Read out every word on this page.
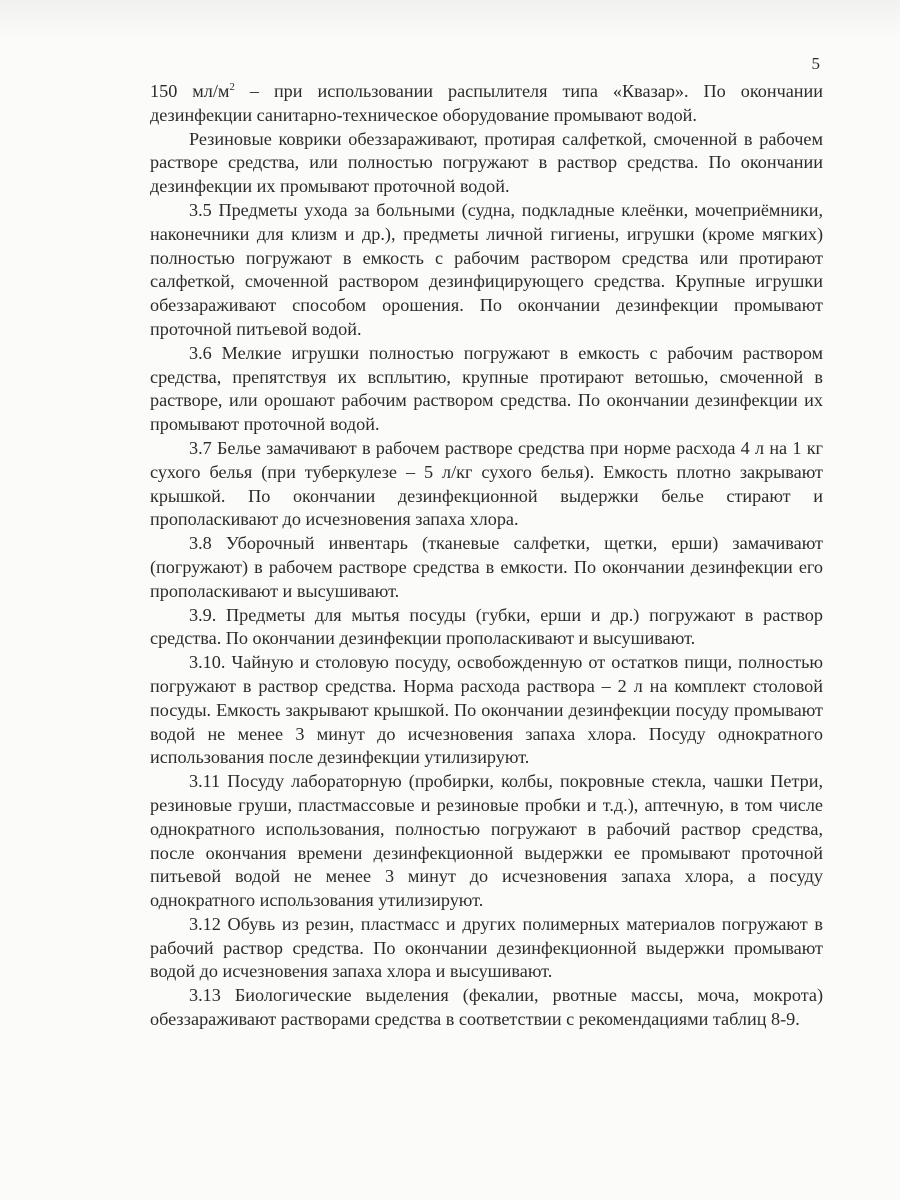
5

150 $мл/м^2$ – при использовании распылителя типа «Квазар». По окончании дезинфекции санитарно-техническое оборудование промывают водой.

Резиновые коврики обеззараживают, протирая салфеткой, смоченной в рабочем растворе средства, или полностью погружают в раствор средства. По окончании дезинфекции их промывают проточной водой.

3.5 Предметы ухода за больными (судна, подкладные клеёнки, мочеприёмники, наконечники для клизм и др.), предметы личной гигиены, игрушки (кроме мягких) полностью погружают в емкость с рабочим раствором средства или протирают салфеткой, смоченной раствором дезинфицирующего средства. Крупные игрушки обеззараживают способом орошения. По окончании дезинфекции промывают проточной питьевой водой.

3.6 Мелкие игрушки полностью погружают в емкость с рабочим раствором средства, препятствуя их всплытию, крупные протирают ветошью, смоченной в растворе, или орошают рабочим раствором средства. По окончании дезинфекции их промывают проточной водой.

3.7 Белье замачивают в рабочем растворе средства при норме расхода 4 л на 1 кг сухого белья (при туберкулезе – 5 л/кг сухого белья). Емкость плотно закрывают крышкой. По окончании дезинфекционной выдержки белье стирают и прополаскивают до исчезновения запаха хлора.

3.8 Уборочный инвентарь (тканевые салфетки, щетки, ерши) замачивают (погружают) в рабочем растворе средства в емкости. По окончании дезинфекции его прополаскивают и высушивают.

3.9. Предметы для мытья посуды (губки, ерши и др.) погружают в раствор средства. По окончании дезинфекции прополаскивают и высушивают.

3.10. Чайную и столовую посуду, освобожденную от остатков пищи, полностью погружают в раствор средства. Норма расхода раствора – 2 л на комплект столовой посуды. Емкость закрывают крышкой. По окончании дезинфекции посуду промывают водой не менее 3 минут до исчезновения запаха хлора. Посуду однократного использования после дезинфекции утилизируют.

3.11 Посуду лабораторную (пробирки, колбы, покровные стекла, чашки Петри, резиновые груши, пластмассовые и резиновые пробки и т.д.), аптечную, в том числе однократного использования, полностью погружают в рабочий раствор средства, после окончания времени дезинфекционной выдержки ее промывают проточной питьевой водой не менее 3 минут до исчезновения запаха хлора, а посуду однократного использования утилизируют.

3.12 Обувь из резин, пластмасс и других полимерных материалов погружают в рабочий раствор средства. По окончании дезинфекционной выдержки промывают водой до исчезновения запаха хлора и высушивают.

3.13 Биологические выделения (фекалии, рвотные массы, моча, мокрота) обеззараживают растворами средства в соответствии с рекомендациями таблиц 8-9.
